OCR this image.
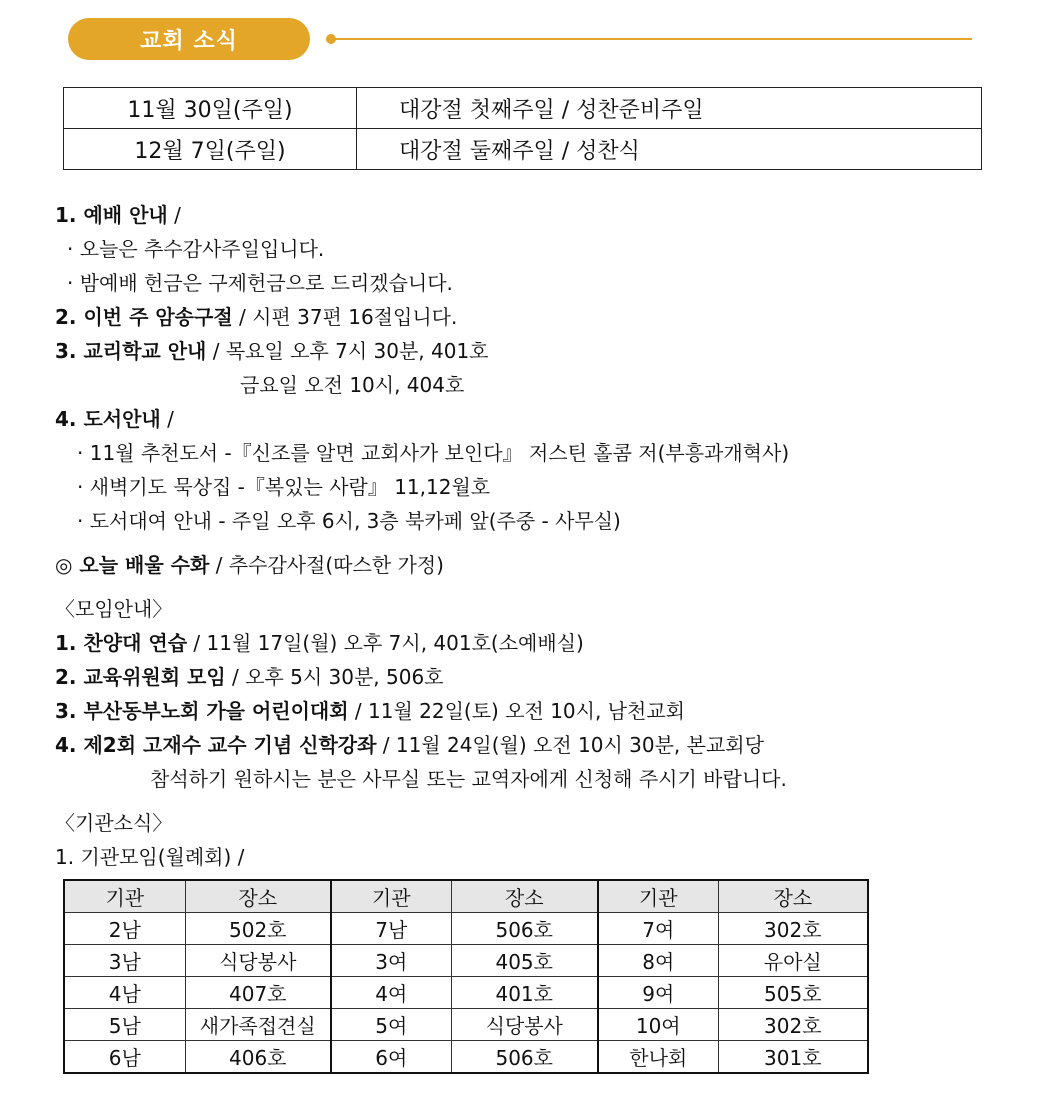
교회 소식
11월 30일(주일)	대강절 첫째주일 / 성찬준비주일
12월 7일(주일)	대강절 둘째주일 / 성찬식
1. 예배 안내 /
· 오늘은 추수감사주일입니다.
· 밤예배 헌금은 구제헌금으로 드리겠습니다.
2. 이번 주 암송구절 / 시편 37편 16절입니다.
3. 교리학교 안내 / 목요일 오후 7시 30분, 401호
금요일 오전 10시, 404호
4. 도서안내 /
· 11월 추천도서 -『신조를 알면 교회사가 보인다』 저스틴 홀콤 저(부흥과개혁사)
· 새벽기도 묵상집 -『복있는 사람』 11,12월호
· 도서대여 안내 - 주일 오후 6시, 3층 북카페 앞(주중 - 사무실)
◎ 오늘 배울 수화 / 추수감사절(따스한 가정)
〈모임안내〉
1. 찬양대 연습 / 11월 17일(월) 오후 7시, 401호(소예배실)
2. 교육위원회 모임 / 오후 5시 30분, 506호
3. 부산동부노회 가을 어린이대회 / 11월 22일(토) 오전 10시, 남천교회
4. 제2회 고재수 교수 기념 신학강좌 / 11월 24일(월) 오전 10시 30분, 본교회당
참석하기 원하시는 분은 사무실 또는 교역자에게 신청해 주시기 바랍니다.
〈기관소식〉
1. 기관모임(월례회) /
기관	장소	기관	장소	기관	장소
2남	502호	7남	506호	7여	302호
3남	식당봉사	3여	405호	8여	유아실
4남	407호	4여	401호	9여	505호
5남	새가족접견실	5여	식당봉사	10여	302호
6남	406호	6여	506호	한나회	301호
